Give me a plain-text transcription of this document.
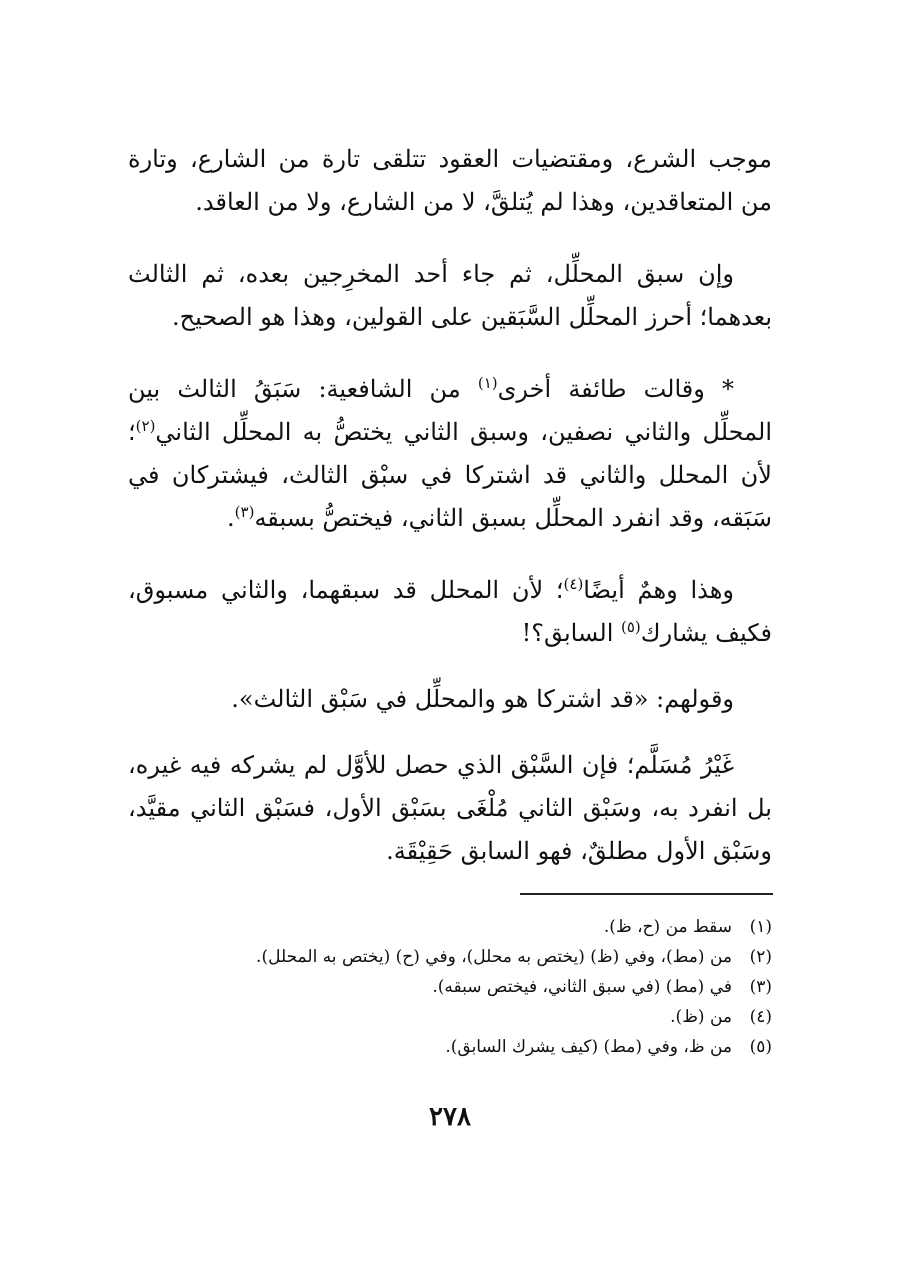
موجب الشرع، ومقتضيات العقود تتلقى تارة من الشارع، وتارة من المتعاقدين، وهذا لم يُتلقَّ، لا من الشارع، ولا من العاقد.

وإن سبق المحلِّل، ثم جاء أحد المخرِجين بعده، ثم الثالث بعدهما؛ أحرز المحلِّل السَّبَقين على القولين، وهذا هو الصحيح.

* وقالت طائفة أخرى$^{(١)}$ من الشافعية: سَبَقُ الثالث بين المحلِّل والثاني نصفين، وسبق الثاني يختصُّ به المحلِّل الثاني$^{(٢)}$؛ لأن المحلل والثاني قد اشتركا في سبْق الثالث، فيشتركان في سَبَقه، وقد انفرد المحلِّل بسبق الثاني، فيختصُّ بسبقه$^{(٣)}$.

وهذا وهمٌ أيضًا$^{(٤)}$؛ لأن المحلل قد سبقهما، والثاني مسبوق، فكيف يشارك$^{(٥)}$ السابق؟!

وقولهم: «قد اشتركا هو والمحلِّل في سَبْق الثالث».

غَيْرُ مُسَلَّم؛ فإن السَّبْق الذي حصل للأوَّل لم يشركه فيه غيره، بل انفرد به، وسَبْق الثاني مُلْغَى بسَبْق الأول، فسَبْق الثاني مقيَّد، وسَبْق الأول مطلقٌ، فهو السابق حَقِيْقَة.

(١)سقط من (ح، ظ).
(٢)من (مط)، وفي (ظ) (يختص به محلل)، وفي (ح) (يختص به المحلل).
(٣)في (مط) (في سبق الثاني، فيختص سبقه).
(٤)من (ظ).
(٥)من ظ، وفي (مط) (كيف يشرك السابق).
٢٧٨
